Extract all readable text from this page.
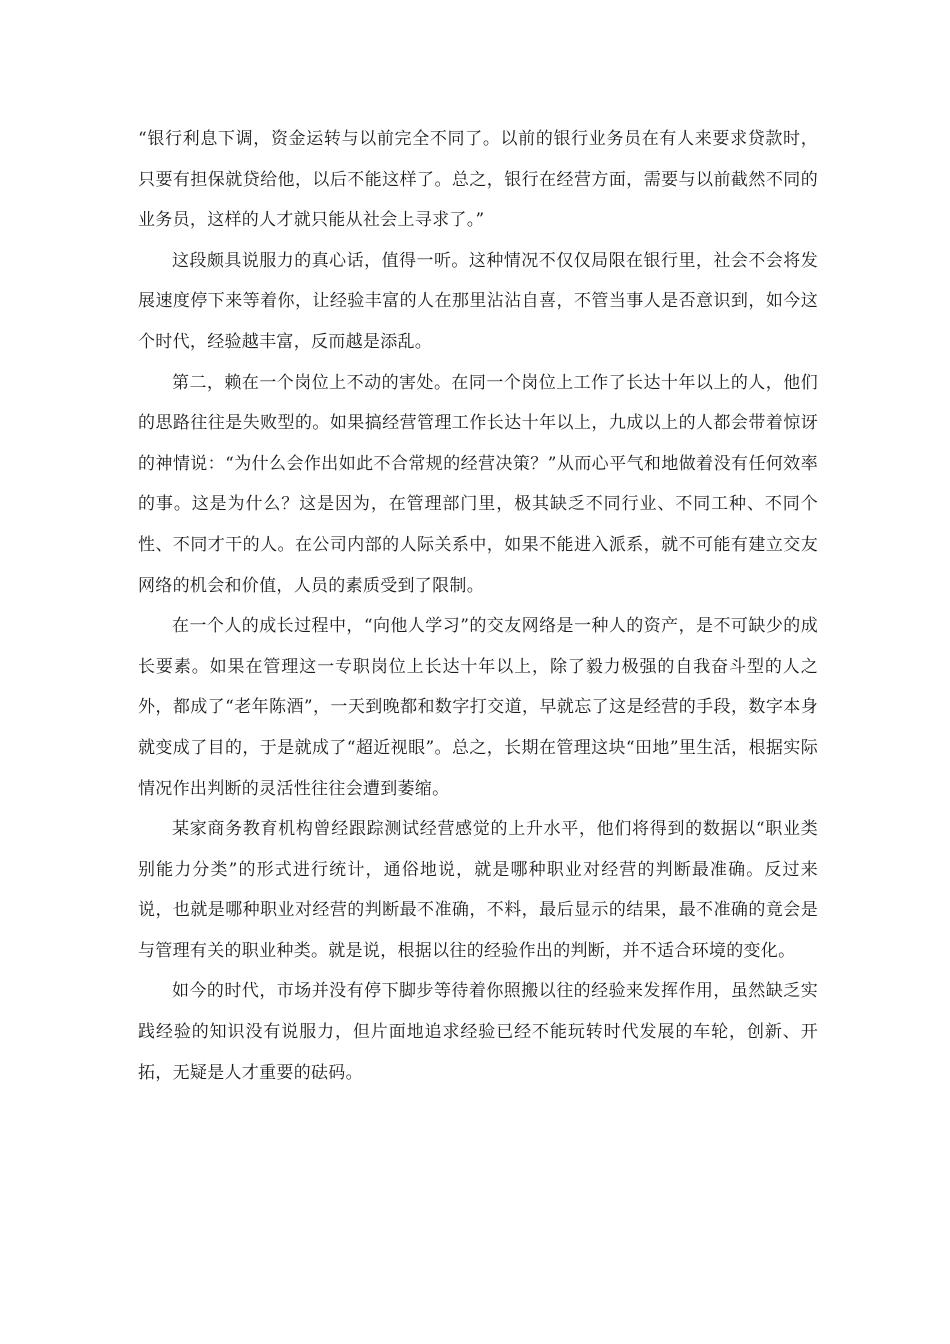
“银行利息下调，资金运转与以前完全不同了。以前的银行业务员在有人来要求贷款时，只要有担保就贷给他，以后不能这样了。总之，银行在经营方面，需要与以前截然不同的业务员，这样的人才就只能从社会上寻求了。”

这段颇具说服力的真心话，值得一听。这种情况不仅仅局限在银行里，社会不会将发展速度停下来等着你，让经验丰富的人在那里沾沾自喜，不管当事人是否意识到，如今这个时代，经验越丰富，反而越是添乱。

第二，赖在一个岗位上不动的害处。在同一个岗位上工作了长达十年以上的人，他们的思路往往是失败型的。如果搞经营管理工作长达十年以上，九成以上的人都会带着惊讶的神情说：“为什么会作出如此不合常规的经营决策？”从而心平气和地做着没有任何效率的事。这是为什么？这是因为，在管理部门里，极其缺乏不同行业、不同工种、不同个性、不同才干的人。在公司内部的人际关系中，如果不能进入派系，就不可能有建立交友网络的机会和价值，人员的素质受到了限制。

在一个人的成长过程中，“向他人学习”的交友网络是一种人的资产，是不可缺少的成长要素。如果在管理这一专职岗位上长达十年以上，除了毅力极强的自我奋斗型的人之外，都成了“老年陈酒”，一天到晚都和数字打交道，早就忘了这是经营的手段，数字本身就变成了目的，于是就成了“超近视眼”。总之，长期在管理这块“田地”里生活，根据实际情况作出判断的灵活性往往会遭到萎缩。

某家商务教育机构曾经跟踪测试经营感觉的上升水平，他们将得到的数据以“职业类别能力分类”的形式进行统计，通俗地说，就是哪种职业对经营的判断最准确。反过来说，也就是哪种职业对经营的判断最不准确，不料，最后显示的结果，最不准确的竟会是与管理有关的职业种类。就是说，根据以往的经验作出的判断，并不适合环境的变化。

如今的时代，市场并没有停下脚步等待着你照搬以往的经验来发挥作用，虽然缺乏实践经验的知识没有说服力，但片面地追求经验已经不能玩转时代发展的车轮，创新、开拓，无疑是人才重要的砝码。
